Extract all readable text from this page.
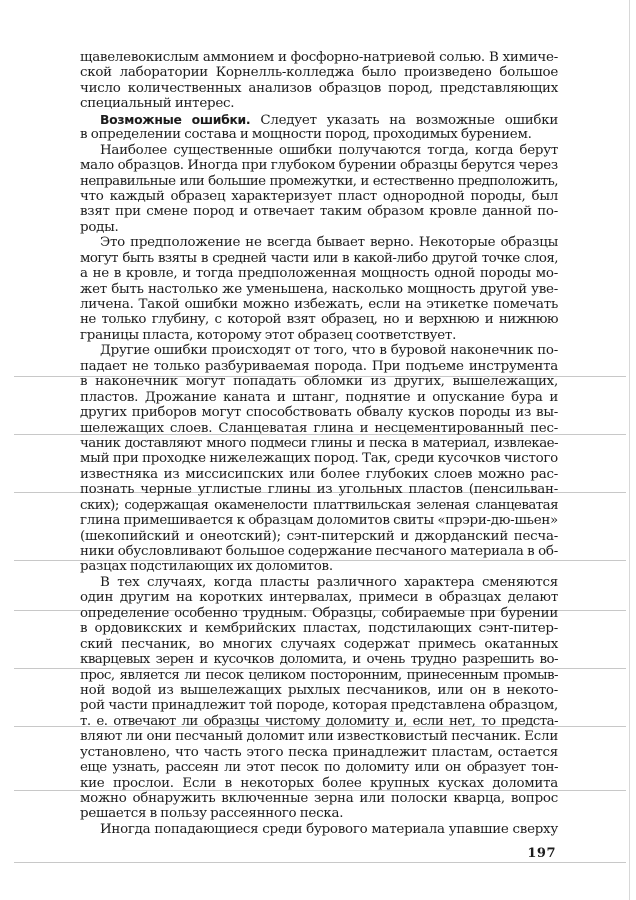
щавелевокислым аммонием и фосфорно-натриевой солью. В химиче-
ской лаборатории Корнелль-колледжа было произведено большое
число количественных анализов образцов пород, представляющих
специальный интерес.
Возможные ошибки. Следует указать на возможные ошибки
в определении состава и мощности пород, проходимых бурением.
Наиболее существенные ошибки получаются тогда, когда берут
мало образцов. Иногда при глубоком бурении образцы берутся через
неправильные или большие промежутки, и естественно предположить,
что каждый образец характеризует пласт однородной породы, был
взят при смене пород и отвечает таким образом кровле данной по-
роды.
Это предположение не всегда бывает верно. Некоторые образцы
могут быть взяты в средней части или в какой-либо другой точке слоя,
а не в кровле, и тогда предположенная мощность одной породы мо-
жет быть настолько же уменьшена, насколько мощность другой уве-
личена. Такой ошибки можно избежать, если на этикетке помечать
не только глубину, с которой взят образец, но и верхнюю и нижнюю
границы пласта, которому этот образец соответствует.
Другие ошибки происходят от того, что в буровой наконечник по-
падает не только разбуриваемая порода. При подъеме инструмента
в наконечник могут попадать обломки из других, вышележащих,
пластов. Дрожание каната и штанг, поднятие и опускание бура и
других приборов могут способствовать обвалу кусков породы из вы-
шележащих слоев. Сланцеватая глина и несцементированный пес-
чаник доставляют много подмеси глины и песка в материал, извлекае-
мый при проходке нижележащих пород. Так, среди кусочков чистого
известняка из миссисипских или более глубоких слоев можно рас-
познать черные углистые глины из угольных пластов (пенсильван-
ских); содержащая окаменелости платтвильская зеленая сланцеватая
глина примешивается к образцам доломитов свиты «прэри-дю-шьен»
(шекопийский и онеотский); сэнт-питерский и джорданский песча-
ники обусловливают большое содержание песчаного материала в об-
разцах подстилающих их доломитов.
В тех случаях, когда пласты различного характера сменяются
один другим на коротких интервалах, примеси в образцах делают
определение особенно трудным. Образцы, собираемые при бурении
в ордовикских и кембрийских пластах, подстилающих сэнт-питер-
ский песчаник, во многих случаях содержат примесь окатанных
кварцевых зерен и кусочков доломита, и очень трудно разрешить во-
прос, является ли песок целиком посторонним, принесенным промыв-
ной водой из вышележащих рыхлых песчаников, или он в некото-
рой части принадлежит той породе, которая представлена образцом,
т. е. отвечают ли образцы чистому доломиту и, если нет, то предста-
вляют ли они песчаный доломит или известковистый песчаник. Если
установлено, что часть этого песка принадлежит пластам, остается
еще узнать, рассеян ли этот песок по доломиту или он образует тон-
кие прослои. Если в некоторых более крупных кусках доломита
можно обнаружить включенные зерна или полоски кварца, вопрос
решается в пользу рассеянного песка.
Иногда попадающиеся среди бурового материала упавшие сверху
197
